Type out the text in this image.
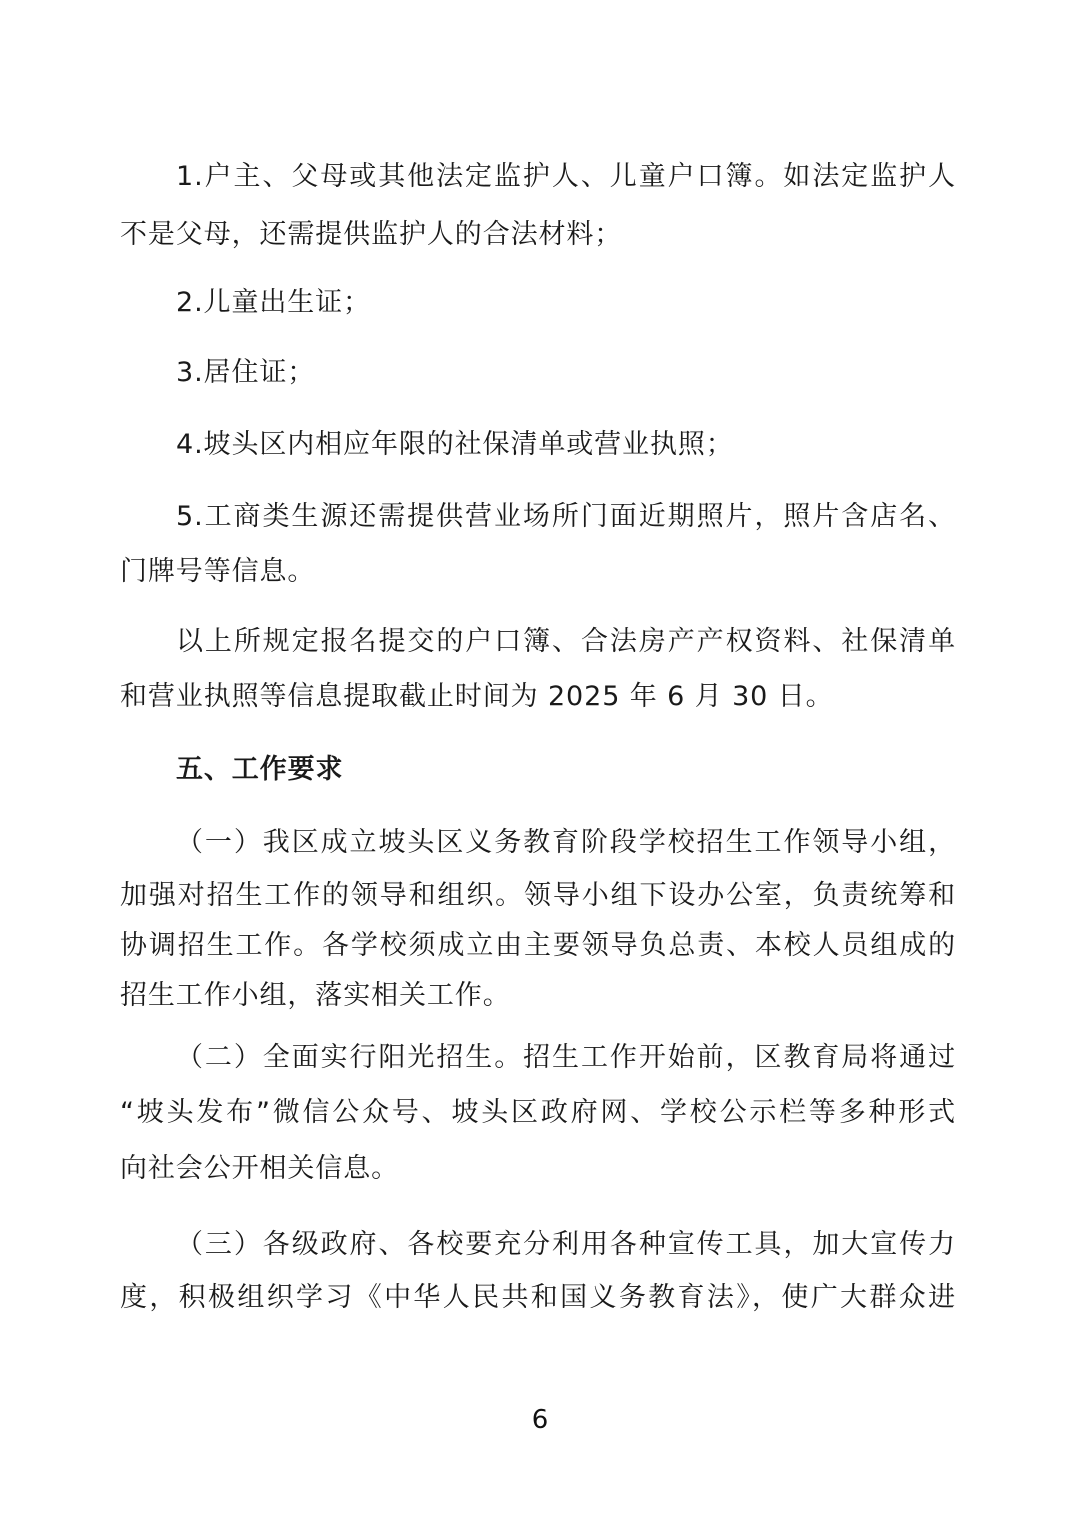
1.户主、父母或其他法定监护人、儿童户口簿。如法定监护人
不是父母，还需提供监护人的合法材料；
2.儿童出生证；
3.居住证；
4.坡头区内相应年限的社保清单或营业执照；
5.工商类生源还需提供营业场所门面近期照片，照片含店名、
门牌号等信息。
以上所规定报名提交的户口簿、合法房产产权资料、社保清单
和营业执照等信息提取截止时间为 2025 年 6 月 30 日。
五、工作要求
（一）我区成立坡头区义务教育阶段学校招生工作领导小组，
加强对招生工作的领导和组织。领导小组下设办公室，负责统筹和
协调招生工作。各学校须成立由主要领导负总责、本校人员组成的
招生工作小组，落实相关工作。
（二）全面实行阳光招生。招生工作开始前，区教育局将通过
“坡头发布”微信公众号、坡头区政府网、学校公示栏等多种形式
向社会公开相关信息。
（三）各级政府、各校要充分利用各种宣传工具，加大宣传力
度，积极组织学习《中华人民共和国义务教育法》，使广大群众进
6
